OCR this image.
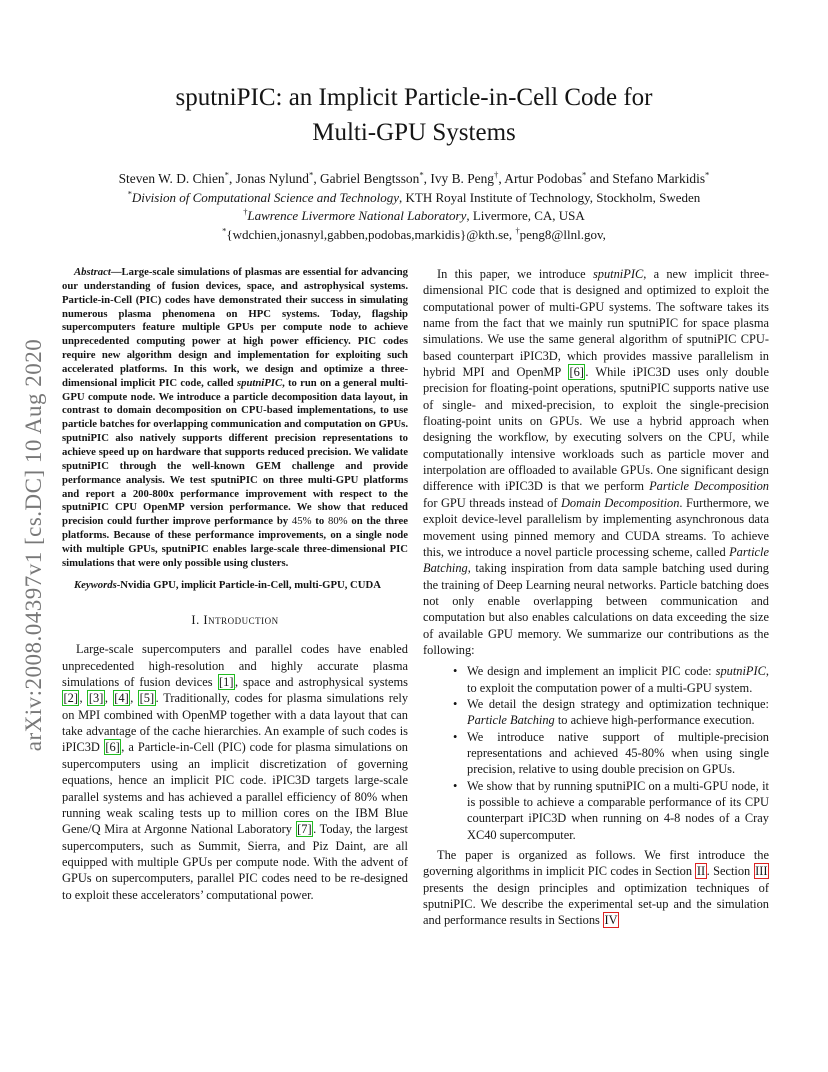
arXiv:2008.04397v1 [cs.DC] 10 Aug 2020
sputniPIC: an Implicit Particle-in-Cell Code for
Multi-GPU Systems
Steven W. D. Chien*, Jonas Nylund*, Gabriel Bengtsson*, Ivy B. Peng†, Artur Podobas* and Stefano Markidis*
*Division of Computational Science and Technology, KTH Royal Institute of Technology, Stockholm, Sweden
†Lawrence Livermore National Laboratory, Livermore, CA, USA
*{wdchien,jonasnyl,gabben,podobas,markidis}@kth.se, †peng8@llnl.gov,

Abstract—Large-scale simulations of plasmas are essential for advancing our understanding of fusion devices, space, and astrophysical systems. Particle-in-Cell (PIC) codes have demonstrated their success in simulating numerous plasma phenomena on HPC systems. Today, flagship supercomputers feature multiple GPUs per compute node to achieve unprecedented computing power at high power efficiency. PIC codes require new algorithm design and implementation for exploiting such accelerated platforms. In this work, we design and optimize a three-dimensional implicit PIC code, called sputniPIC, to run on a general multi-GPU compute node. We introduce a particle decomposition data layout, in contrast to domain decomposition on CPU-based implementations, to use particle batches for overlapping communication and computation on GPUs. sputniPIC also natively supports different precision representations to achieve speed up on hardware that supports reduced precision. We validate sputniPIC through the well-known GEM challenge and provide performance analysis. We test sputniPIC on three multi-GPU platforms and report a 200-800x performance improvement with respect to the sputniPIC CPU OpenMP version performance. We show that reduced precision could further improve performance by 45% to 80% on the three platforms. Because of these performance improvements, on a single node with multiple GPUs, sputniPIC enables large-scale three-dimensional PIC simulations that were only possible using clusters.

Keywords-Nvidia GPU, implicit Particle-in-Cell, multi-GPU, CUDA

I. Introduction

Large-scale supercomputers and parallel codes have enabled unprecedented high-resolution and highly accurate plasma simulations of fusion devices [1] , space and astrophysical systems [2] , [3] , [4] , [5] . Traditionally, codes for plasma simulations rely on MPI combined with OpenMP together with a data layout that can take advantage of the cache hierarchies. An example of such codes is iPIC3D [6] , a Particle-in-Cell (PIC) code for plasma simulations on supercomputers using an implicit discretization of governing equations, hence an implicit PIC code. iPIC3D targets large-scale parallel systems and has achieved a parallel efficiency of 80% when running weak scaling tests up to million cores on the IBM Blue Gene/Q Mira at Argonne National Laboratory [7] . Today, the largest supercomputers, such as Summit, Sierra, and Piz Daint, are all equipped with multiple GPUs per compute node. With the advent of GPUs on supercomputers, parallel PIC codes need to be re-designed to exploit these accelerators’ computational power.

In this paper, we introduce sputniPIC, a new implicit three-dimensional PIC code that is designed and optimized to exploit the computational power of multi-GPU systems. The software takes its name from the fact that we mainly run sputniPIC for space plasma simulations. We use the same general algorithm of sputniPIC CPU-based counterpart iPIC3D, which provides massive parallelism in hybrid MPI and OpenMP [6] . While iPIC3D uses only double precision for floating-point operations, sputniPIC supports native use of single- and mixed-precision, to exploit the single-precision floating-point units on GPUs. We use a hybrid approach when designing the workflow, by executing solvers on the CPU, while computationally intensive workloads such as particle mover and interpolation are offloaded to available GPUs. One significant design difference with iPIC3D is that we perform Particle Decomposition for GPU threads instead of Domain Decomposition. Furthermore, we exploit device-level parallelism by implementing asynchronous data movement using pinned memory and CUDA streams. To achieve this, we introduce a novel particle processing scheme, called Particle Batching, taking inspiration from data sample batching used during the training of Deep Learning neural networks. Particle batching does not only enable overlapping between communication and computation but also enables calculations on data exceeding the size of available GPU memory. We summarize our contributions as the following:

• We design and implement an implicit PIC code: sputniPIC, to exploit the computation power of a multi-GPU system.
• We detail the design strategy and optimization technique: Particle Batching to achieve high-performance execution.
• We introduce native support of multiple-precision representations and achieved 45-80% when using single precision, relative to using double precision on GPUs.
• We show that by running sputniPIC on a multi-GPU node, it is possible to achieve a comparable performance of its CPU counterpart iPIC3D when running on 4-8 nodes of a Cray XC40 supercomputer.

The paper is organized as follows. We first introduce the governing algorithms in implicit PIC codes in Section II . Section III presents the design principles and optimization techniques of sputniPIC. We describe the experimental set-up and the simulation and performance results in Sections IV
